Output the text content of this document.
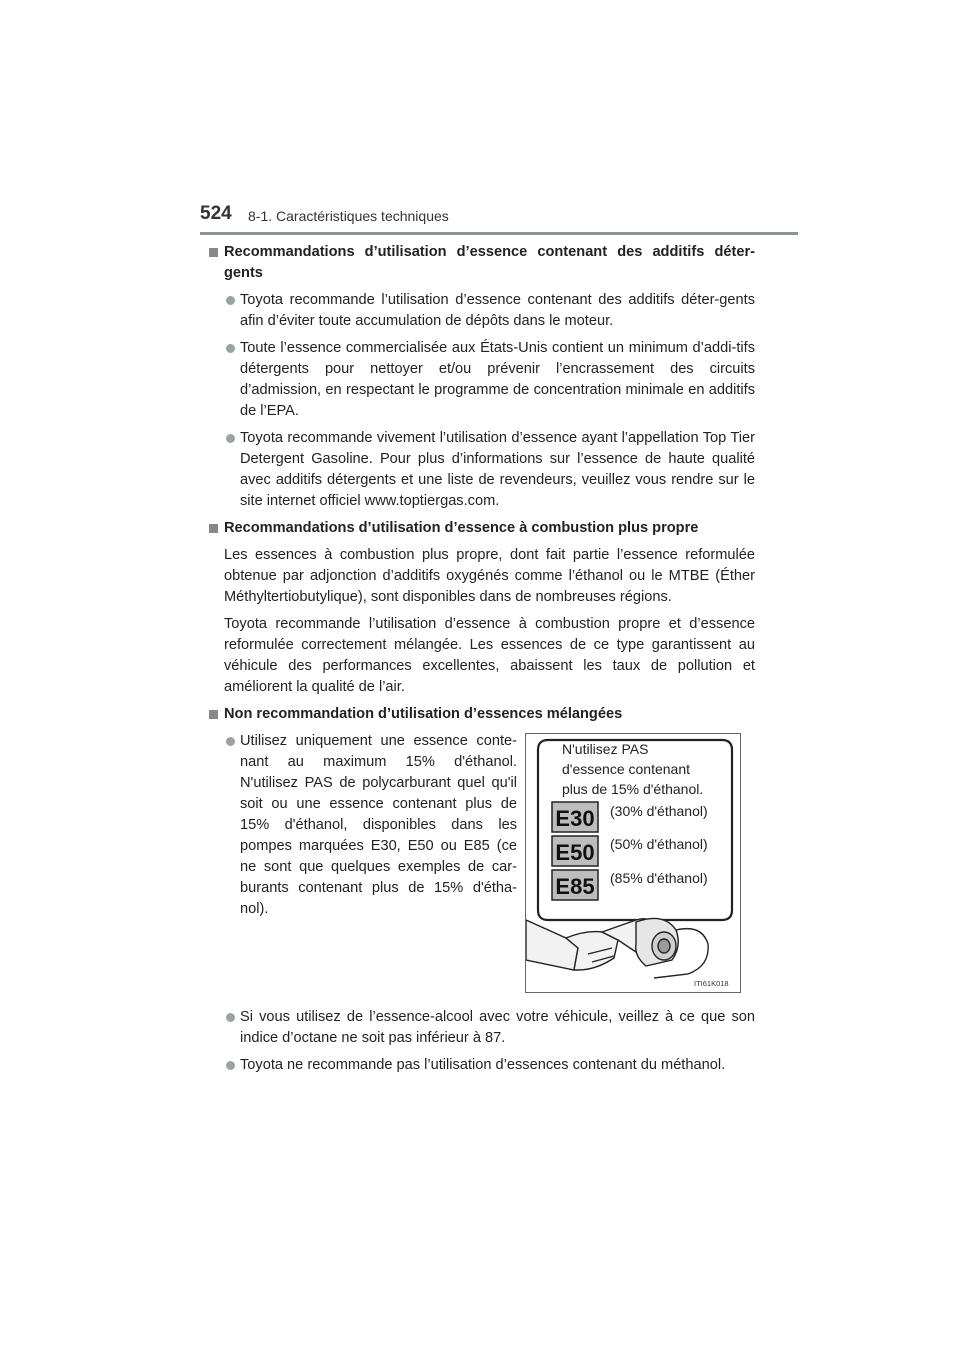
524 8-1. Caractéristiques techniques
Recommandations d’utilisation d’essence contenant des additifs déter-gents
Toyota recommande l’utilisation d’essence contenant des additifs déter-gents afin d’éviter toute accumulation de dépôts dans le moteur.
Toute l’essence commercialisée aux États-Unis contient un minimum d’addi-tifs détergents pour nettoyer et/ou prévenir l’encrassement des circuits d’admission, en respectant le programme de concentration minimale en additifs de l’EPA.
Toyota recommande vivement l’utilisation d’essence ayant l’appellation Top Tier Detergent Gasoline. Pour plus d’informations sur l’essence de haute qualité avec additifs détergents et une liste de revendeurs, veuillez vous rendre sur le site internet officiel www.toptiergas.com.
Recommandations d’utilisation d’essence à combustion plus propre
Les essences à combustion plus propre, dont fait partie l’essence reformulée obtenue par adjonction d’additifs oxygénés comme l’éthanol ou le MTBE (Éther Méthyltertiobutylique), sont disponibles dans de nombreuses régions.
Toyota recommande l’utilisation d’essence à combustion propre et d’essence reformulée correctement mélangée. Les essences de ce type garantissent au véhicule des performances excellentes, abaissent les taux de pollution et améliorent la qualité de l’air.
Non recommandation d’utilisation d’essences mélangées
Utilisez uniquement une essence conte-nant au maximum 15% d'éthanol. N'utilisez PAS de polycarburant quel qu'il soit ou une essence contenant plus de 15% d'éthanol, disponibles dans les pompes marquées E30, E50 ou E85 (ce ne sont que quelques exemples de car-burants contenant plus de 15% d'étha-nol).
N'utilisez PAS
d'essence contenant
plus de 15% d'éthanol.
E30 (30% d'éthanol)
E50 (50% d'éthanol)
E85 (85% d'éthanol)
ITI61K018
Si vous utilisez de l’essence-alcool avec votre véhicule, veillez à ce que son indice d’octane ne soit pas inférieur à 87.
Toyota ne recommande pas l’utilisation d’essences contenant du méthanol.
